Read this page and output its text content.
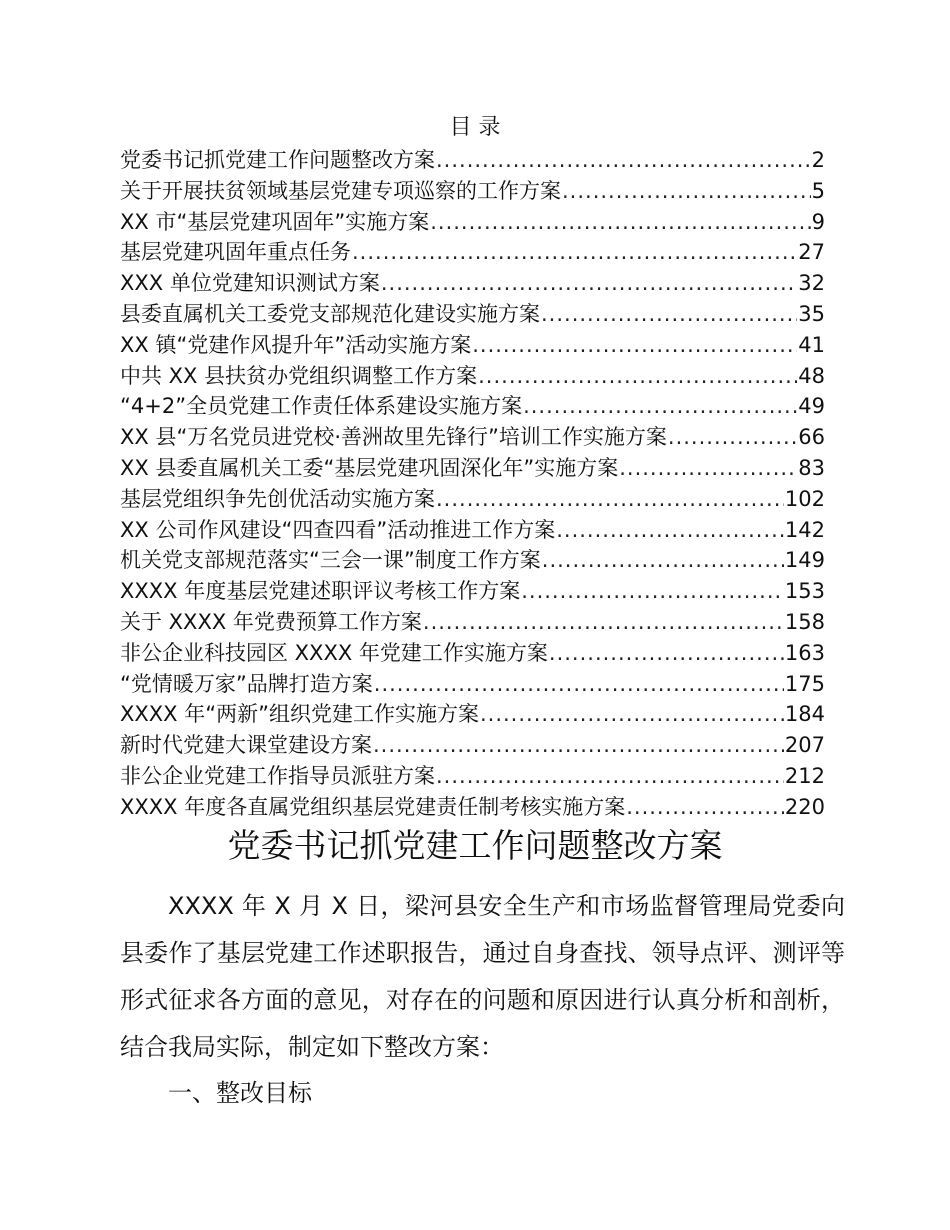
目 录
党委书记抓党建工作问题整改方案 .....	2
关于开展扶贫领域基层党建专项巡察的工作方案 .....	5
XX 市“基层党建巩固年”实施方案 .....	9
基层党建巩固年重点任务 .....	27
XXX 单位党建知识测试方案 .....	32
县委直属机关工委党支部规范化建设实施方案 .....	35
XX 镇“党建作风提升年”活动实施方案 .....	41
中共 XX 县扶贫办党组织调整工作方案 .....	48
“4+2”全员党建工作责任体系建设实施方案 .....	49
XX 县“万名党员进党校·善洲故里先锋行”培训工作实施方案 .....	66
XX 县委直属机关工委“基层党建巩固深化年”实施方案 .....	83
基层党组织争先创优活动实施方案 .....	102
XX 公司作风建设“四查四看”活动推进工作方案 .....	142
机关党支部规范落实“三会一课”制度工作方案 .....	149
XXXX 年度基层党建述职评议考核工作方案 .....	153
关于 XXXX 年党费预算工作方案 .....	158
非公企业科技园区 XXXX 年党建工作实施方案 .....	163
“党情暖万家”品牌打造方案 .....	175
XXXX 年“两新”组织党建工作实施方案 .....	184
新时代党建大课堂建设方案 .....	207
非公企业党建工作指导员派驻方案 .....	212
XXXX 年度各直属党组织基层党建责任制考核实施方案 .....	220
党委书记抓党建工作问题整改方案

XXXX 年 X 月 X 日，梁河县安全生产和市场监督管理局党委向县委作了基层党建工作述职报告，通过自身查找、领导点评、测评等形式征求各方面的意见，对存在的问题和原因进行认真分析和剖析，结合我局实际，制定如下整改方案：

一、整改目标
